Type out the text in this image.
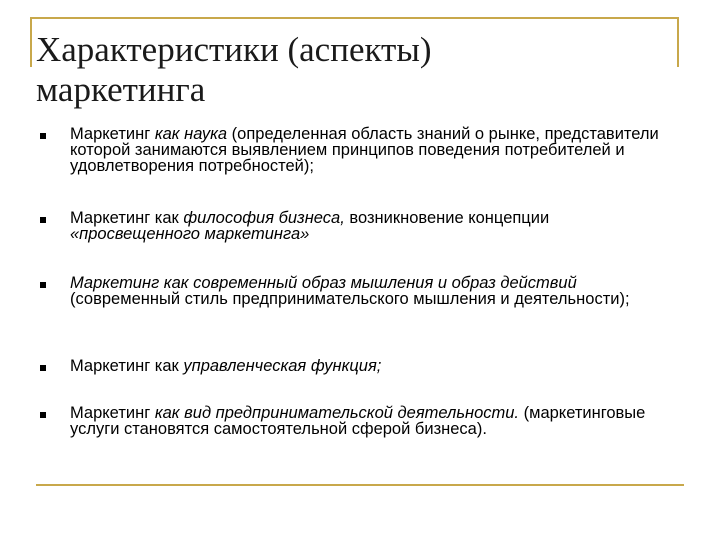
Характеристики (аспекты)
маркетинга
Маркетинг как наука (определенная область знаний о рынке, представители которой занимаются выявлением принципов поведения потребителей и удовлетворения потребностей);
Маркетинг как философия бизнеса, возникновение концепции «просвещенного маркетинга»
Маркетинг как современный образ мышления и образ действий (современный стиль предпринимательского мышления и деятельности);
Маркетинг как управленческая функция;
Маркетинг как вид предпринимательской деятельности. (маркетинговые услуги становятся самостоятельной сферой бизнеса).
